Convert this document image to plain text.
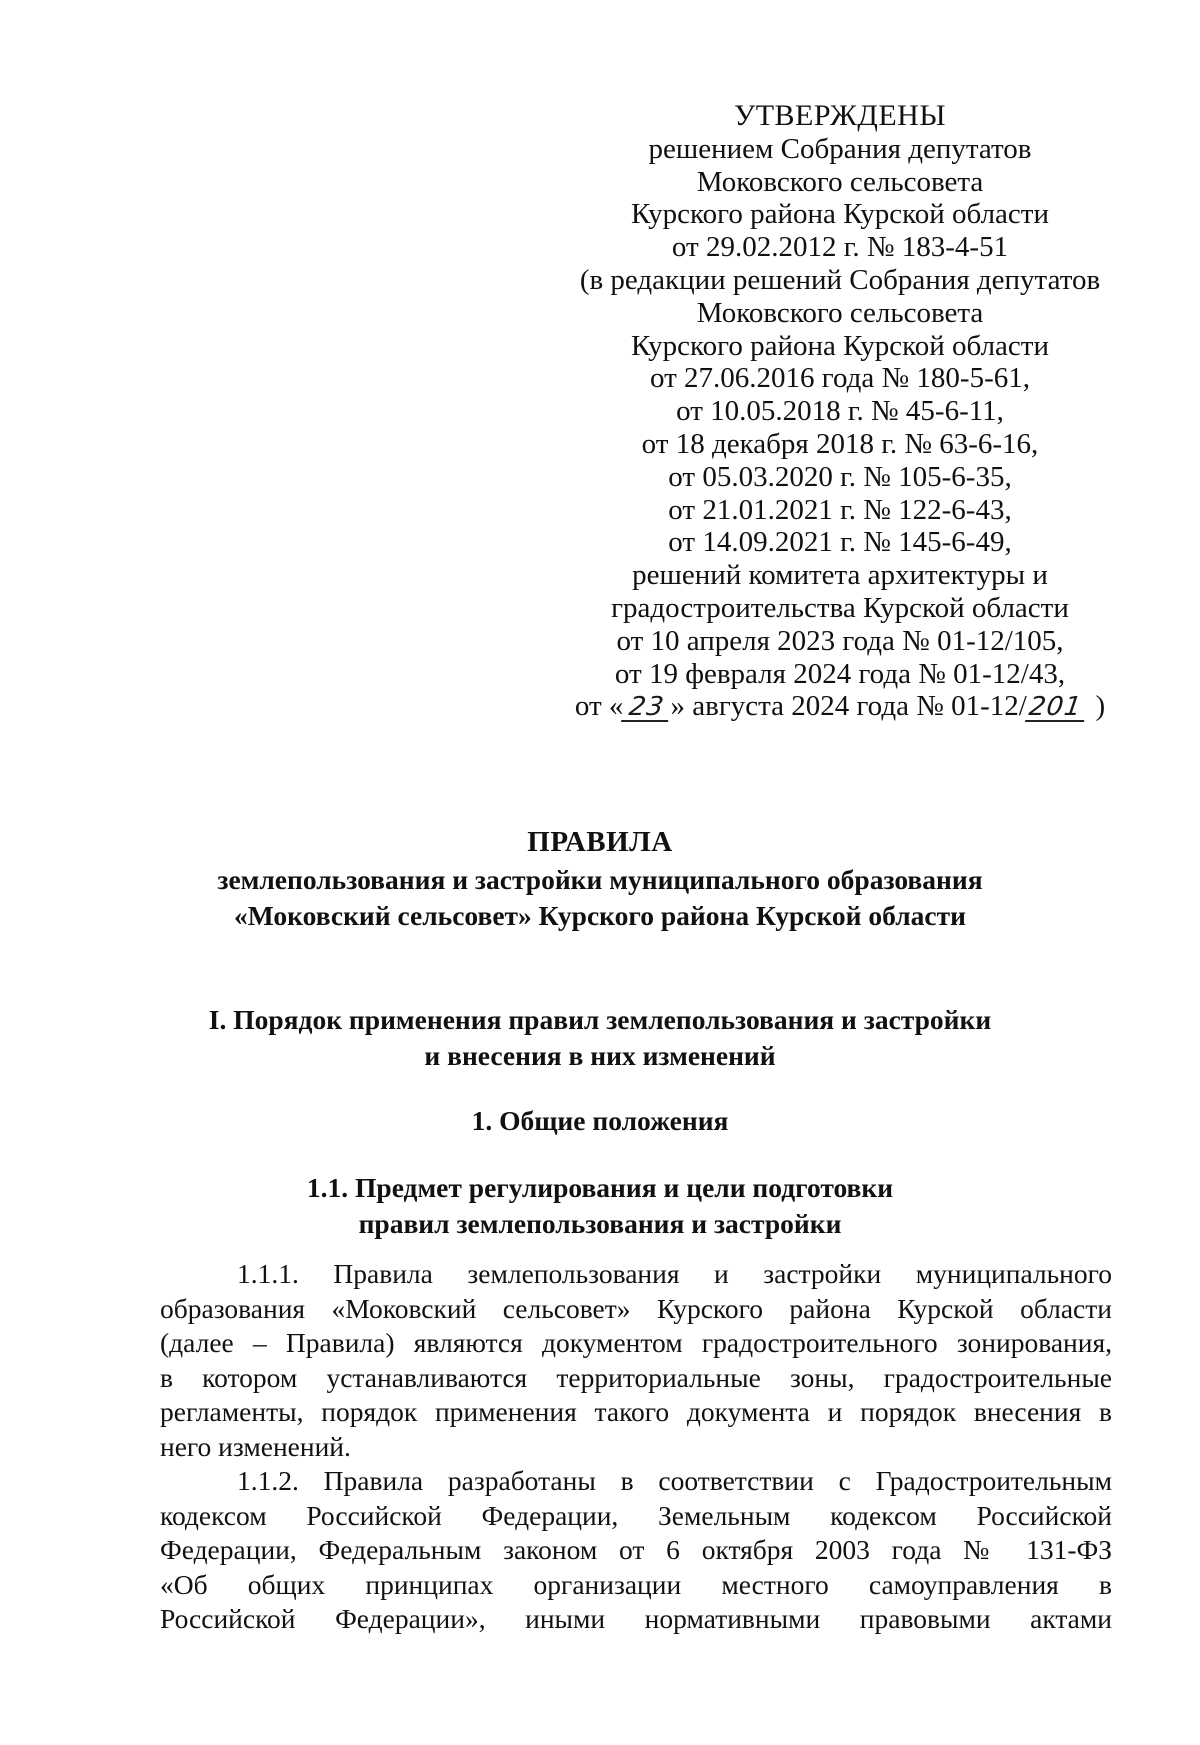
УТВЕРЖДЕНЫ
решением Собрания депутатов
Моковского сельсовета
Курского района Курской области
от 29.02.2012 г. № 183-4-51
(в редакции решений Собрания депутатов
Моковского сельсовета
Курского района Курской области
от 27.06.2016 года № 180-5-61,
от 10.05.2018 г. № 45-6-11,
от 18 декабря 2018 г. № 63-6-16,
от 05.03.2020 г. № 105-6-35,
от 21.01.2021 г. № 122-6-43,
от 14.09.2021 г. № 145-6-49,
решений комитета архитектуры и
градостроительства Курской области
от 10 апреля 2023 года № 01-12/105,
от 19 февраля 2024 года № 01-12/43,
от « 23 » августа 2024 года № 01-12/201 )

ПРАВИЛА

землепользования и застройки муниципального образования

«Моковский сельсовет» Курского района Курской области

I. Порядок применения правил землепользования и застройки
и внесения в них изменений
1. Общие положения
1.1. Предмет регулирования и цели подготовки
правил землепользования и застройки
1.1.1. Правила землепользования и застройки муниципального
образования «Моковский сельсовет» Курского района Курской области
(далее – Правила) являются документом градостроительного зонирования,
в котором устанавливаются территориальные зоны, градостроительные
регламенты, порядок применения такого документа и порядок внесения в
него изменений.
1.1.2. Правила разработаны в соответствии с Градостроительным
кодексом Российской Федерации, Земельным кодексом Российской
Федерации, Федеральным законом от 6 октября 2003 года № 131-ФЗ
«Об общих принципах организации местного самоуправления в
Российской Федерации», иными нормативными правовыми актами
